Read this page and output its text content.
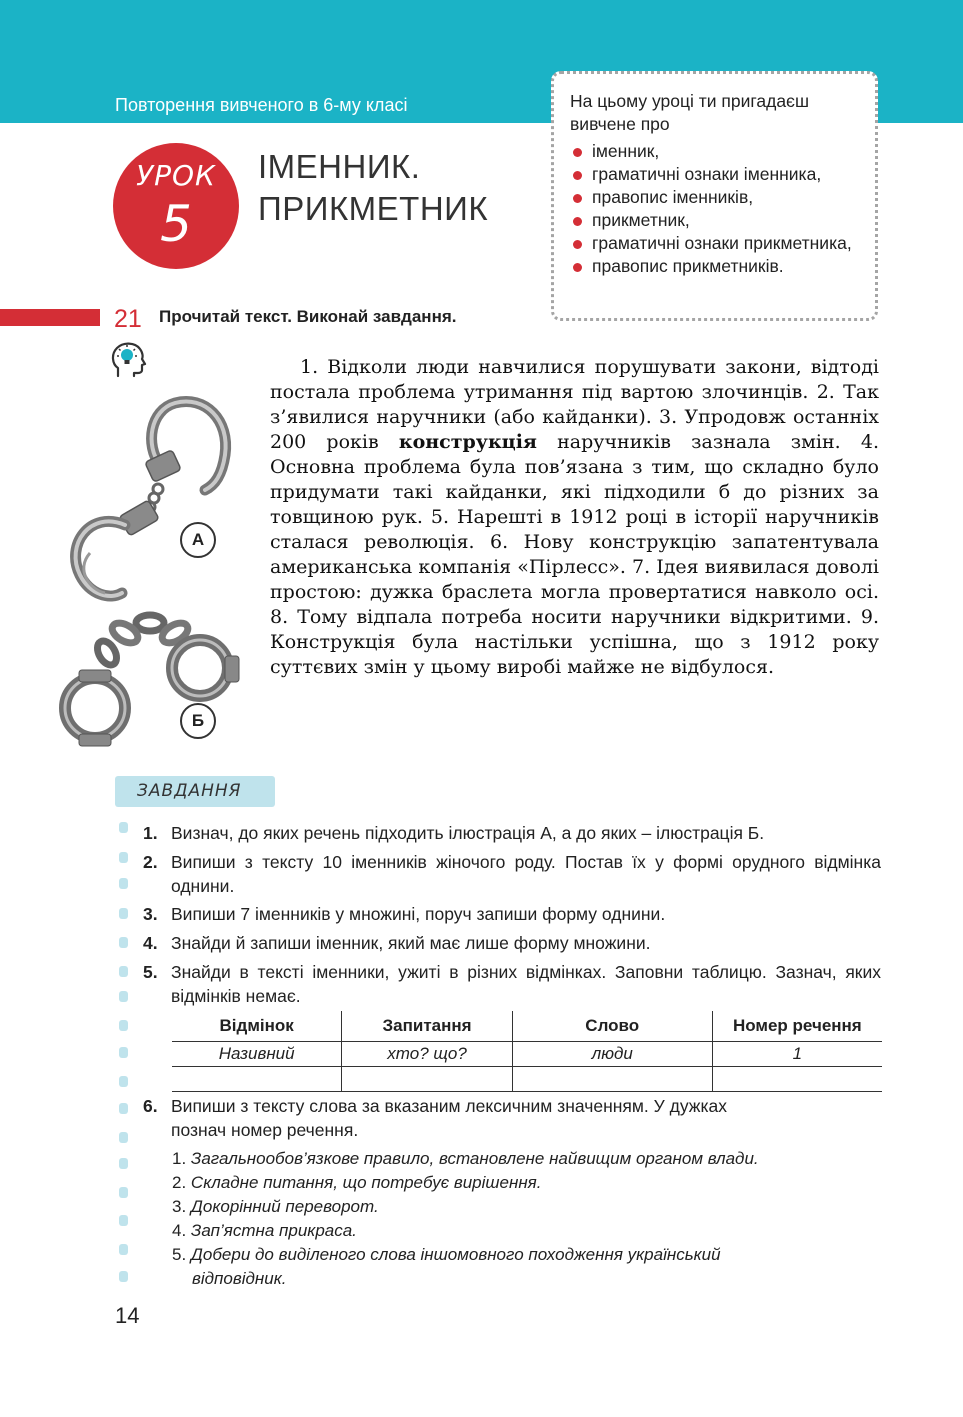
Повторення вивченого в 6-му класі
УРОК
5
ІМЕННИК.
ПРИКМЕТНИК
На цьому уроці ти пригадаєш вивчене про
іменник,
граматичні ознаки іменника,
правопис іменників,
прикметник,
граматичні ознаки прикметника,
правопис прикметників.
21 Прочитай текст. Виконай завдання.
А
Б

1. Відколи люди навчилися порушувати закони, відтоді постала проблема утримання під вартою злочинців. 2. Так з’явилися наручники (або кайданки). 3. Упродовж останніх 200 років конструкція наручників зазнала змін. 4. Основна проблема була пов’язана з тим, що складно було придумати такі кайданки, які підходили б до різних за товщиною рук. 5. Нарешті в 1912 році в історії наручників сталася революція. 6. Нову конструкцію запатентувала американська компанія «Пірлесс». 7. Ідея виявилася доволі простою: дужка браслета могла провертатися навколо осі. 8. Тому відпала потреба носити наручники відкритими. 9. Конструкція була настільки успішна, що з 1912 року суттєвих змін у цьому виробі майже не відбулося.

ЗАВДАННЯ
1. Визнач, до яких речень підходить ілюстрація А, а до яких – ілюстрація Б.
2. Випиши з тексту 10 іменників жіночого роду. Постав їх у формі орудного відмінка однини.
3. Випиши 7 іменників у множині, поруч запиши форму однини.
4. Знайди й запиши іменник, який має лише форму множини.
5. Знайди в тексті іменники, ужиті в різних відмінках. Заповни таблицю. Зазнач, яких відмінків немає.
Відмінок	Запитання	Слово	Номер речення
Називний	хто? що?	люди	1

6. Випиши з тексту слова за вказаним лексичним значенням. У дужках познач номер речення.
1. Загальнообов’язкове правило, встановлене найвищим органом влади.
2. Складне питання, що потребує вирішення.
3. Докорінний переворот.
4. Зап’ястна прикраса.
5. Добери до виділеного слова іншомовного походження український відповідник.
14
